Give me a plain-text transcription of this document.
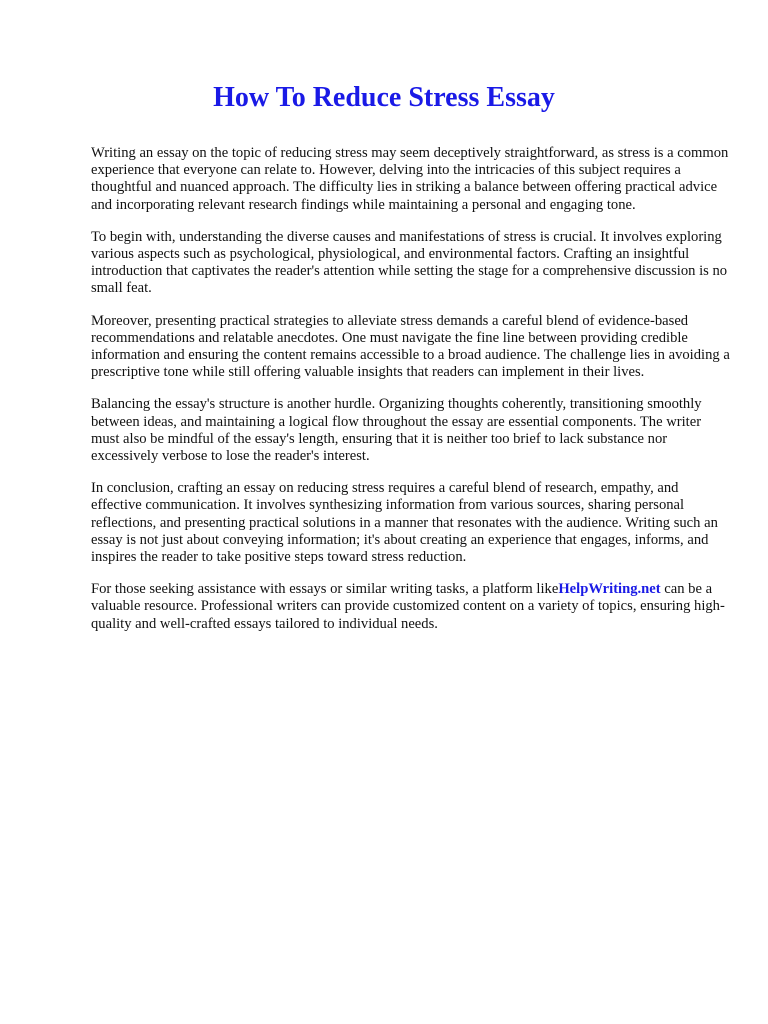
How To Reduce Stress Essay

Writing an essay on the topic of reducing stress may seem deceptively straightforward, as stress is a common experience that everyone can relate to. However, delving into the intricacies of this subject requires a thoughtful and nuanced approach. The difficulty lies in striking a balance between offering practical advice and incorporating relevant research findings while maintaining a personal and engaging tone.

To begin with, understanding the diverse causes and manifestations of stress is crucial. It involves exploring various aspects such as psychological, physiological, and environmental factors. Crafting an insightful introduction that captivates the reader's attention while setting the stage for a comprehensive discussion is no small feat.

Moreover, presenting practical strategies to alleviate stress demands a careful blend of evidence-based recommendations and relatable anecdotes. One must navigate the fine line between providing credible information and ensuring the content remains accessible to a broad audience. The challenge lies in avoiding a prescriptive tone while still offering valuable insights that readers can implement in their lives.

Balancing the essay's structure is another hurdle. Organizing thoughts coherently, transitioning smoothly between ideas, and maintaining a logical flow throughout the essay are essential components. The writer must also be mindful of the essay's length, ensuring that it is neither too brief to lack substance nor excessively verbose to lose the reader's interest.

In conclusion, crafting an essay on reducing stress requires a careful blend of research, empathy, and effective communication. It involves synthesizing information from various sources, sharing personal reflections, and presenting practical solutions in a manner that resonates with the audience. Writing such an essay is not just about conveying information; it's about creating an experience that engages, informs, and inspires the reader to take positive steps toward stress reduction.

For those seeking assistance with essays or similar writing tasks, a platform likeHelpWriting.net can be a valuable resource. Professional writers can provide customized content on a variety of topics, ensuring high-quality and well-crafted essays tailored to individual needs.
